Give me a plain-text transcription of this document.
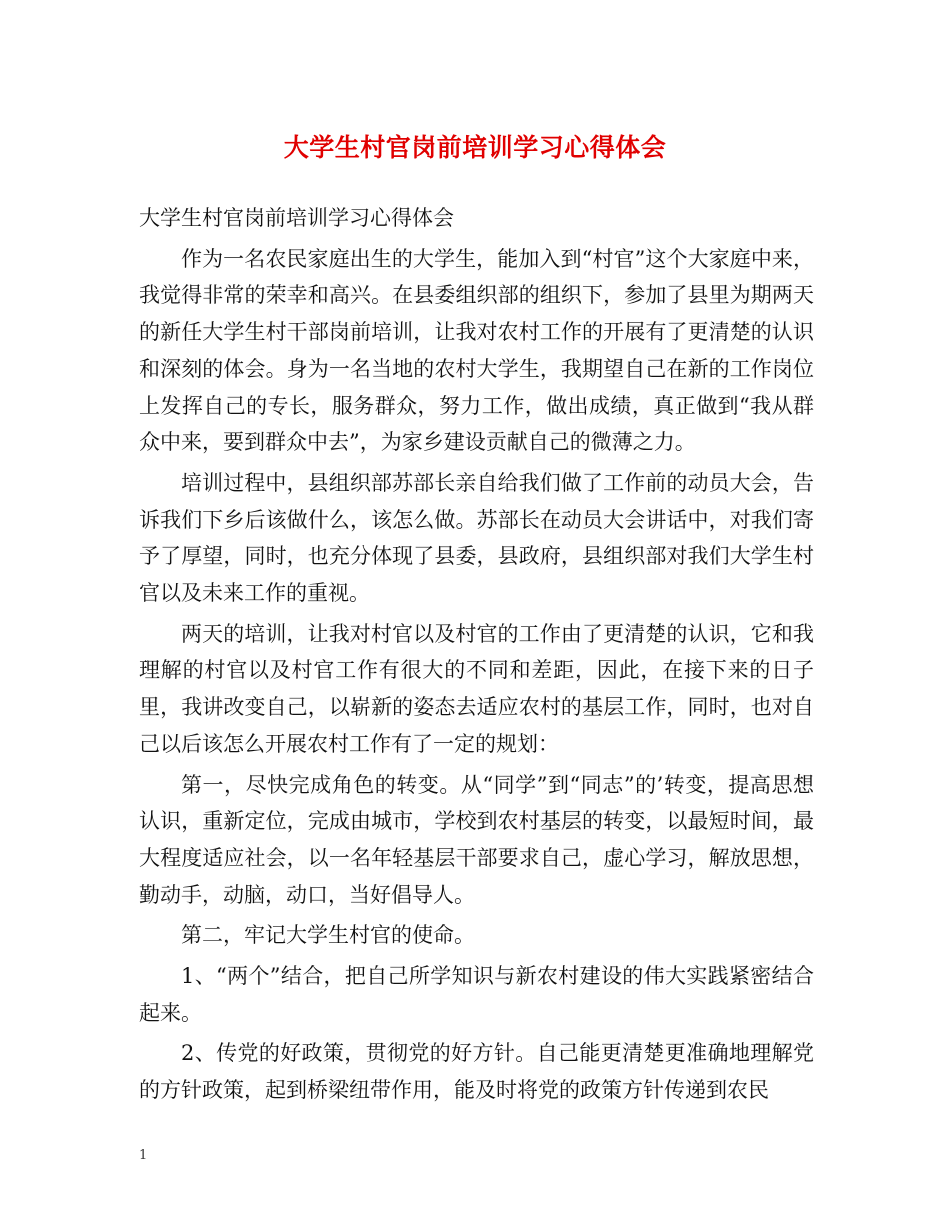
大学生村官岗前培训学习心得体会

大学生村官岗前培训学习心得体会

作为一名农民家庭出生的大学生，能加入到“村官”这个大家庭中来，我觉得非常的荣幸和高兴。在县委组织部的组织下，参加了县里为期两天的新任大学生村干部岗前培训，让我对农村工作的开展有了更清楚的认识和深刻的体会。身为一名当地的农村大学生，我期望自己在新的工作岗位上发挥自己的专长，服务群众，努力工作，做出成绩，真正做到“我从群众中来，要到群众中去”，为家乡建设贡献自己的微薄之力。

培训过程中，县组织部苏部长亲自给我们做了工作前的动员大会，告诉我们下乡后该做什么，该怎么做。苏部长在动员大会讲话中，对我们寄予了厚望，同时，也充分体现了县委，县政府，县组织部对我们大学生村官以及未来工作的重视。

两天的培训，让我对村官以及村官的工作由了更清楚的认识，它和我理解的村官以及村官工作有很大的不同和差距，因此，在接下来的日子里，我讲改变自己，以崭新的姿态去适应农村的基层工作，同时，也对自己以后该怎么开展农村工作有了一定的规划：

第一，尽快完成角色的转变。从“同学”到“同志”的’转变，提高思想认识，重新定位，完成由城市，学校到农村基层的转变，以最短时间，最大程度适应社会，以一名年轻基层干部要求自己，虚心学习，解放思想，勤动手，动脑，动口，当好倡导人。

第二，牢记大学生村官的使命。

1、“两个”结合，把自己所学知识与新农村建设的伟大实践紧密结合起来。

2、传党的好政策，贯彻党的好方针。自己能更清楚更准确地理解党的方针政策，起到桥梁纽带作用，能及时将党的政策方针传递到农民

1
